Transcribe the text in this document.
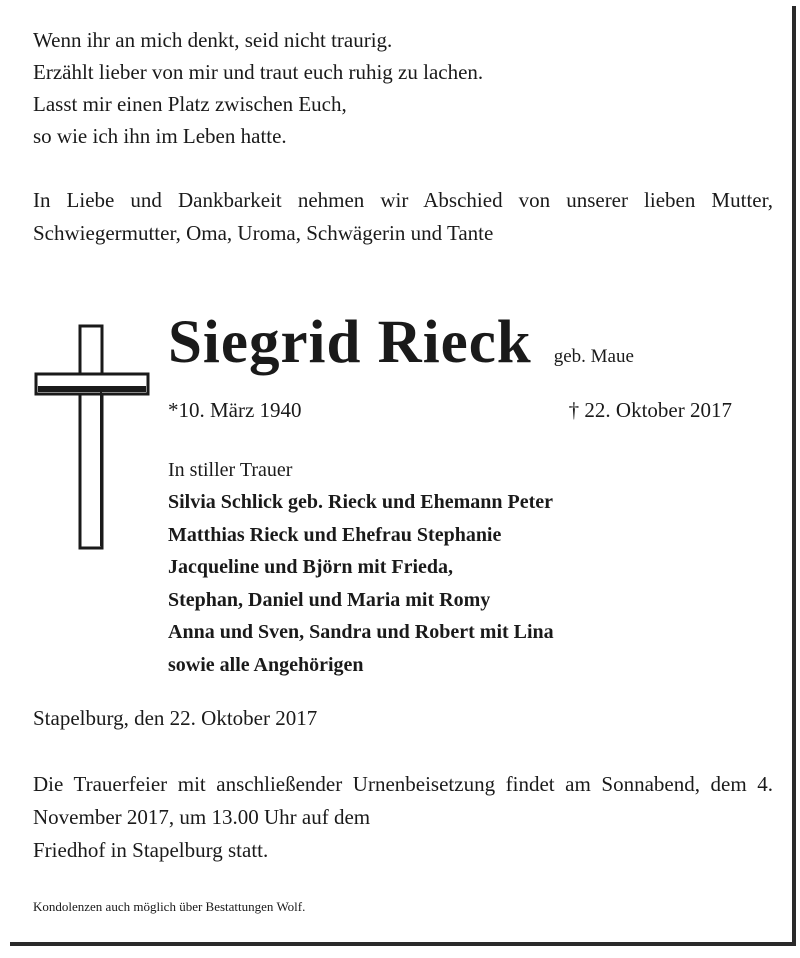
Wenn ihr an mich denkt, seid nicht traurig.
Erzählt lieber von mir und traut euch ruhig zu lachen.
Lasst mir einen Platz zwischen Euch,
so wie ich ihn im Leben hatte.
In Liebe und Dankbarkeit nehmen wir Abschied von unserer lieben Mutter, Schwiegermutter, Oma, Uroma, Schwägerin und Tante
Siegrid Rieck geb. Maue
*10. März 1940	† 22. Oktober 2017
In stiller Trauer
Silvia Schlick geb. Rieck und Ehemann Peter
Matthias Rieck und Ehefrau Stephanie
Jacqueline und Björn mit Frieda,
Stephan, Daniel und Maria mit Romy
Anna und Sven, Sandra und Robert mit Lina
sowie alle Angehörigen
Stapelburg, den 22. Oktober 2017
Die Trauerfeier mit anschließender Urnenbeisetzung findet am Sonnabend, dem 4. November 2017, um 13.00 Uhr auf dem
Friedhof in Stapelburg statt.
Kondolenzen auch möglich über Bestattungen Wolf.
